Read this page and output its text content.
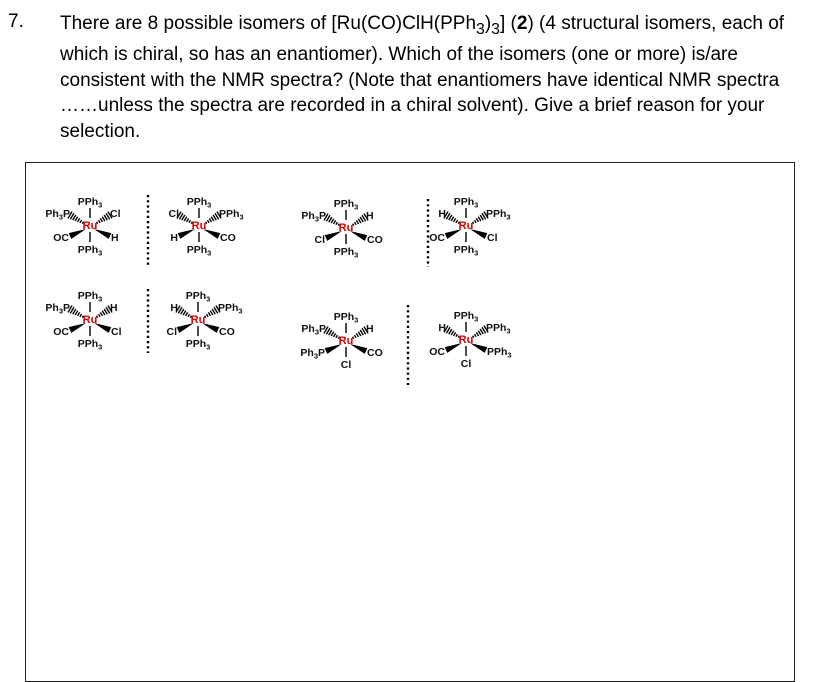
7. There are 8 possible isomers of $[Ru(CO)ClH(PPh_3)_3]$ (2) (4 structural isomers, each of which is chiral, so has an enantiomer). Which of the isomers (one or more) is/are consistent with the NMR spectra? (Note that enantiomers have identical NMR spectra ……unless the spectra are recorded in a chiral solvent). Give a brief reason for your selection.
Ru
PPh$_3$
PPh$_3$
$Ph_3P$	Cl
OC	H
Ru
PPh$_3$
PPh$_3$
Cl	PPh$_3$
H	CO
Ru
PPh$_3$
PPh$_3$
$Ph_3P$	H
Cl	CO
Ru
PPh$_3$
PPh$_3$
H	PPh$_3$
OC	Cl
Ru
PPh$_3$
PPh$_3$
$Ph_3P$	H
OC	Cl
Ru
PPh$_3$
PPh$_3$
H	PPh$_3$
Cl	CO
Ru
PPh$_3$
Cl
$Ph_3P$	H
$Ph_3P$	CO
Ru
PPh$_3$
Cl
H	PPh$_3$
OC	PPh$_3$
